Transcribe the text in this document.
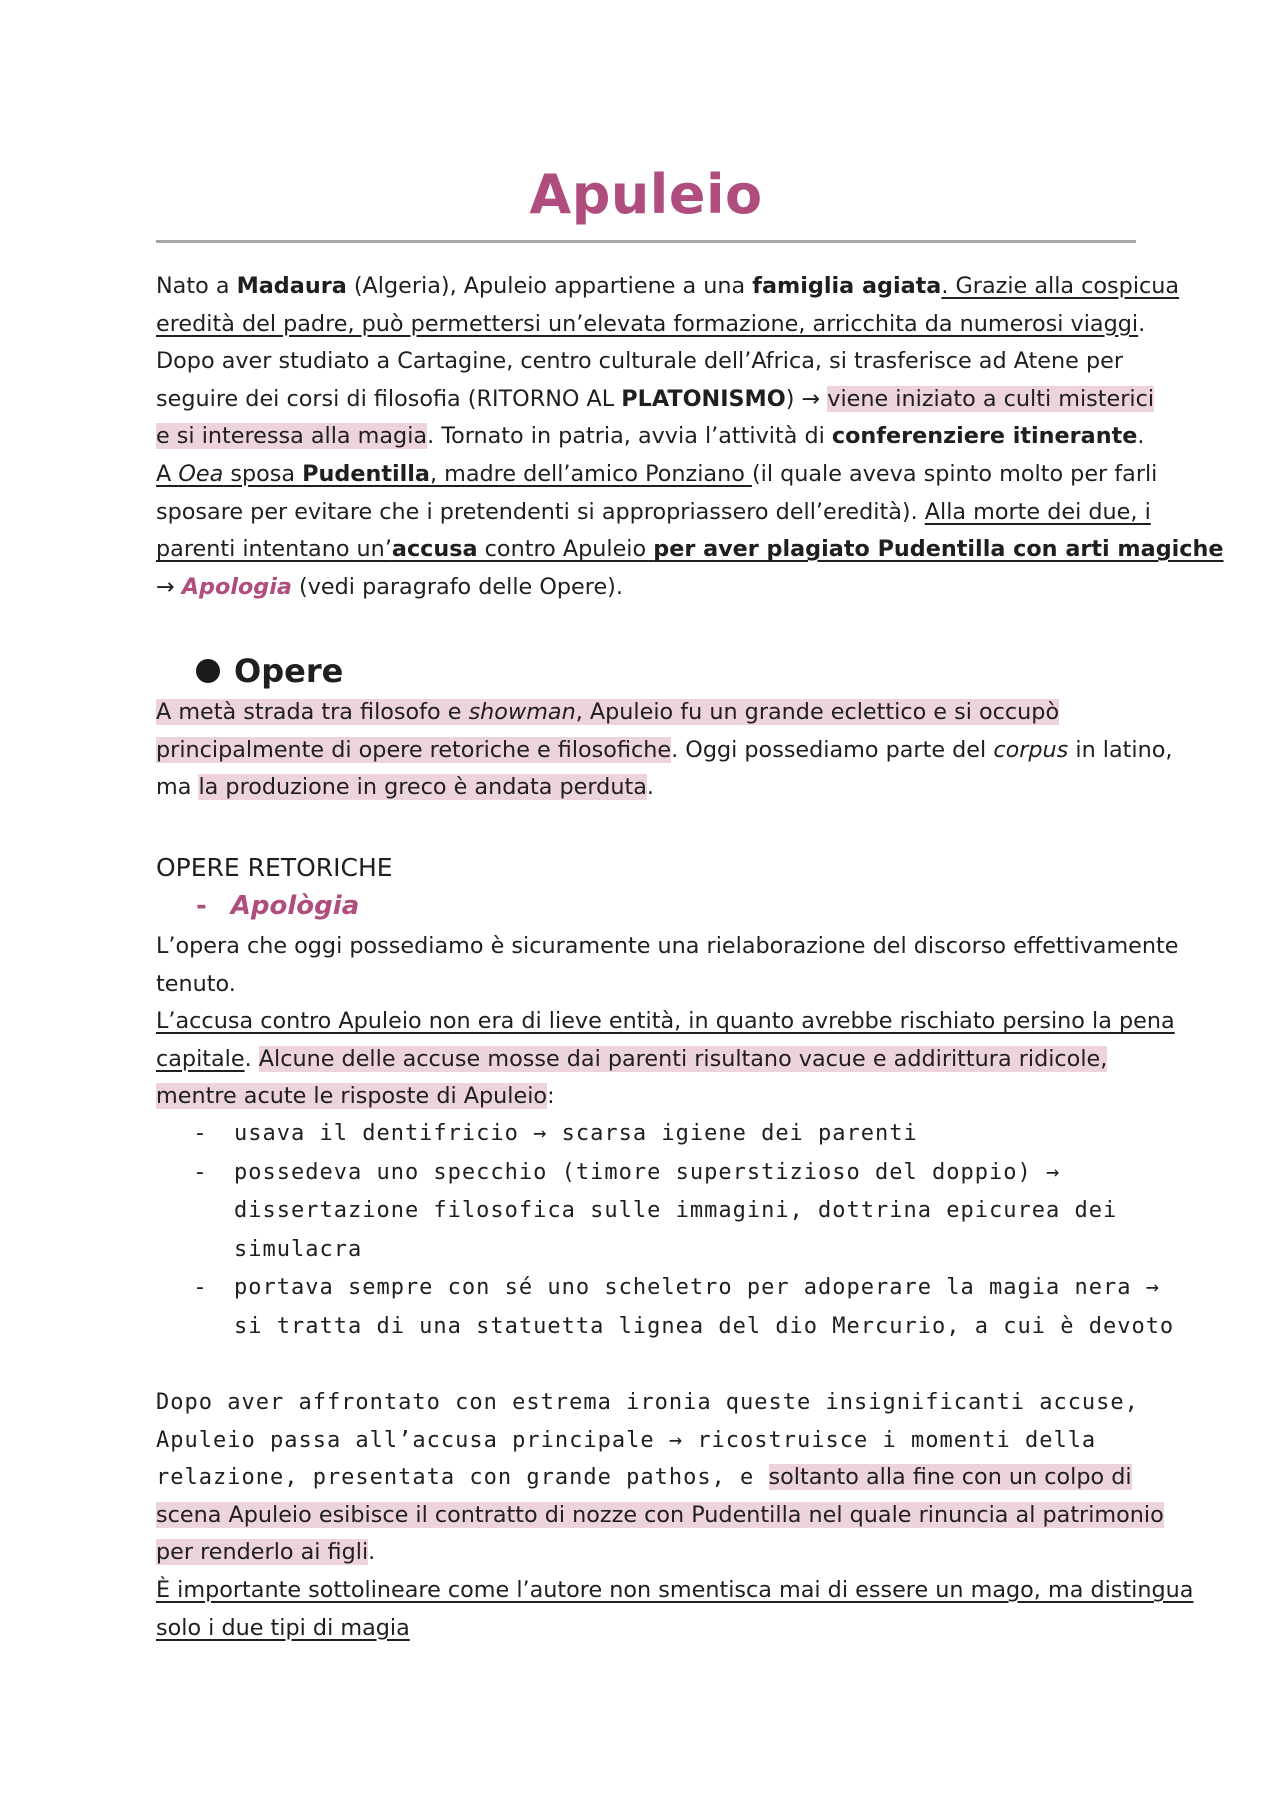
Apuleio
Nato a Madaura (Algeria), Apuleio appartiene a una famiglia agiata. Grazie alla cospicua
eredità del padre, può permettersi un’elevata formazione, arricchita da numerosi viaggi.
Dopo aver studiato a Cartagine, centro culturale dell’Africa, si trasferisce ad Atene per
seguire dei corsi di filosofia (RITORNO AL PLATONISMO) → viene iniziato a culti misterici
e si interessa alla magia. Tornato in patria, avvia l’attività di conferenziere itinerante.
A Oea sposa Pudentilla, madre dell’amico Ponziano (il quale aveva spinto molto per farli
sposare per evitare che i pretendenti si appropriassero dell’eredità). Alla morte dei due, i
parenti intentano un’accusa contro Apuleio per aver plagiato Pudentilla con arti magiche
→ Apologia (vedi paragrafo delle Opere).
Opere
A metà strada tra filosofo e showman, Apuleio fu un grande eclettico e si occupò
principalmente di opere retoriche e filosofiche. Oggi possediamo parte del corpus in latino,
ma la produzione in greco è andata perduta.
OPERE RETORICHE
- Apològia
L’opera che oggi possediamo è sicuramente una rielaborazione del discorso effettivamente
tenuto.
L’accusa contro Apuleio non era di lieve entità, in quanto avrebbe rischiato persino la pena
capitale. Alcune delle accuse mosse dai parenti risultano vacue e addirittura ridicole,
mentre acute le risposte di Apuleio:
- usava il dentifricio → scarsa igiene dei parenti
- possedeva uno specchio (timore superstizioso del doppio) →
dissertazione filosofica sulle immagini, dottrina epicurea dei
simulacra
- portava sempre con sé uno scheletro per adoperare la magia nera →
si tratta di una statuetta lignea del dio Mercurio, a cui è devoto
Dopo aver affrontato con estrema ironia queste insignificanti accuse,
Apuleio passa all’accusa principale → ricostruisce i momenti della
relazione, presentata con grande pathos, e soltanto alla fine con un colpo di
scena Apuleio esibisce il contratto di nozze con Pudentilla nel quale rinuncia al patrimonio
per renderlo ai figli.
È importante sottolineare come l’autore non smentisca mai di essere un mago, ma distingua
solo i due tipi di magia
